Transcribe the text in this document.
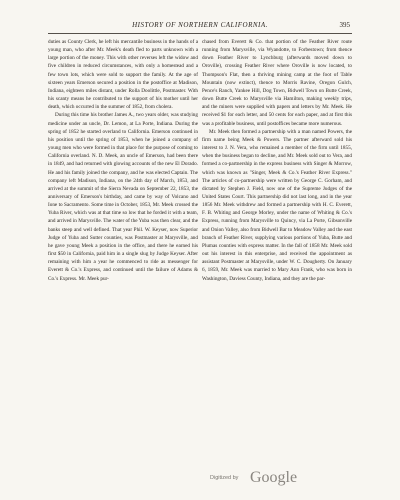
HISTORY OF NORTHERN CALIFORNIA.	395

duties as County Clerk, he left his mercantile business in the hands of a young man, who after Mr. Meek's death fled to parts unknown with a large portion of the money. This with other reverses left the widow and five children in reduced circumstances, with only a homestead and a few town lots, which were sold to support the family. At the age of sixteen years Emerson secured a position in the postoffice at Madison, Indiana, eighteen miles distant, under Rolla Doolittle, Postmaster. With his scanty means he contributed to the support of his mother until her death, which occurred in the summer of 1852, from cholera.

During this time his brother James A., two years older, was studying medicine under an uncle, Dr. Lemon, at La Porte, Indiana. During the spring of 1852 he started overland to California. Emerson continued in his position until the spring of 1853, when he joined a company of young men who were formed in that place for the purpose of coming to California overland. N. D. Meek, an uncle of Emerson, had been there in 1849, and had returned with glowing accounts of the new El Dorado. He and his family joined the company, and he was elected Captain. The company left Madison, Indiana, on the 24th day of March, 1853, and arrived at the summit of the Sierra Nevada on September 22, 1853, the anniversary of Emerson's birthday, and came by way of Volcano and Ione to Sacramento. Some time in October, 1853, Mr. Meek crossed the Yuba River, which was at that time so low that he forded it with a team, and arrived in Marysville. The water of the Yuba was then clear, and the banks steep and well defined. That year Phil. W. Keyser, now Superior Judge of Yuba and Sutter counties, was Postmaster at Marysville, and he gave young Meek a position in the office, and there he earned his first $50 in California, paid him in a single slug by Judge Keyser. After remaining with him a year he commenced to ride as messenger for Everett & Co.'s Express, and continued until the failure of Adams & Co.'s Express. Mr. Meek pur-

chased from Everett & Co. that portion of the Feather River route running from Marysville, via Wyandotte, to Forbestown; from thence down Feather River to Lynchburg (afterwards moved down to Oroville), crossing Feather River where Oroville is now located, to Thompson's Flat, then a thriving mining camp at the foot of Table Mountain (now extinct), thence to Morris Ravine, Oregon Gulch, Pence's Ranch, Yankee Hill, Dog Town, Bidwell Town on Butte Creek, down Butte Creek to Marysville via Hamilton, making weekly trips, and the miners were supplied with papers and letters by Mr. Meek. He received $1 for each letter, and 50 cents for each paper, and at first this was a profitable business, until postoffices became more numerous.

Mr. Meek then formed a partnership with a man named Powers, the firm name being Meek & Powers. The partner afterward sold his interest to J. N. Vera, who remained a member of the firm until 1855, when the business began to decline, and Mr. Meek sold out to Vera, and formed a co-partnership in the express business with Singer & Morrow, which was known as "Singer, Meek & Co.'s Feather River Express." The articles of co-partnership were written by George C. Gorham, and dictated by Stephen J. Field, now one of the Supreme Judges of the United States Court. This partnership did not last long, and in the year 1856 Mr. Meek withdrew and formed a partnership with H. C. Everett, F. B. Whiting and George Morley, under the name of Whiting & Co.'s Express, running from Marysville to Quincy, via La Porte, Gibsonville and Onion Valley, also from Bidwell Bar to Meadow Valley and the east branch of Feather River, supplying various portions of Yuba, Butte and Plumas counties with express matter. In the fall of 1858 Mr. Meek sold out his interest in this enterprise, and received the appointment as assistant Postmaster at Marysville, under W. C. Dougherty. On January 6, 1859, Mr. Meek was married to Mary Ann Frank, who was born in Washington, Daviess County, Indiana, and they are the par-

Digitized by Google
